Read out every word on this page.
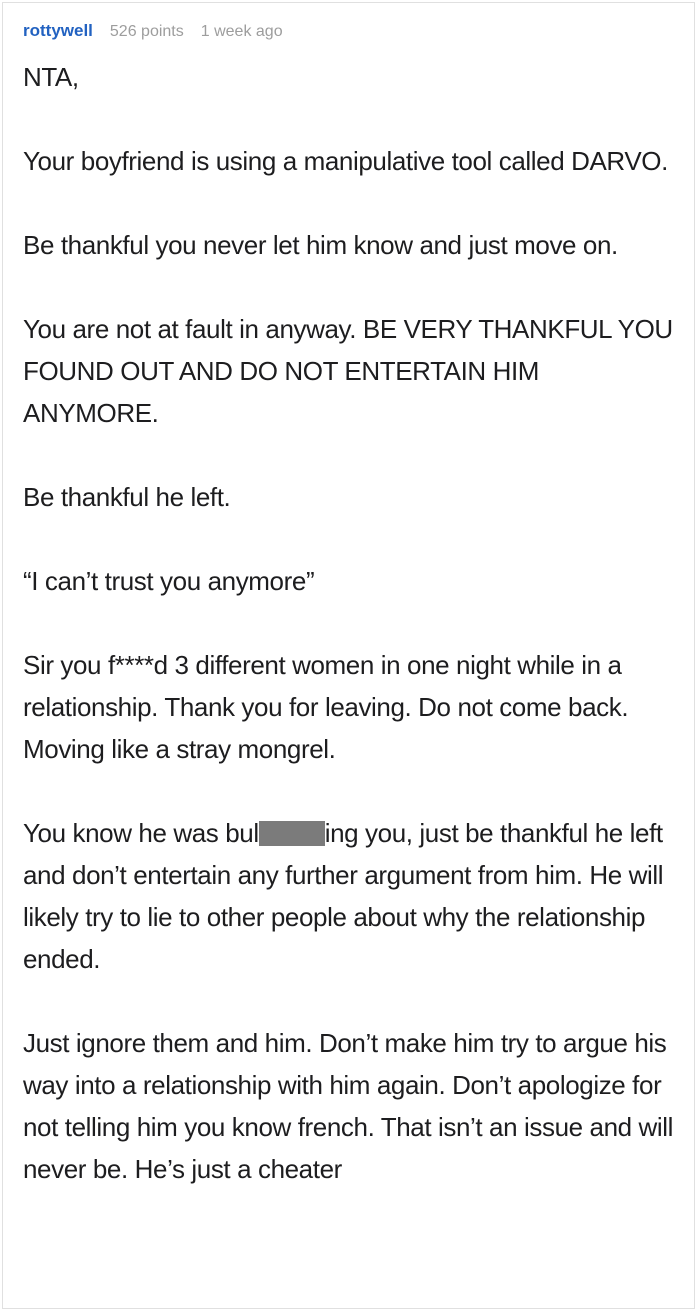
rottywell 526 points 1 week ago

NTA,

Your boyfriend is using a manipulative tool called DARVO.

Be thankful you never let him know and just move on.

You are not at fault in anyway. BE VERY THANKFUL YOU FOUND OUT AND DO NOT ENTERTAIN HIM ANYMORE.

Be thankful he left.

“I can’t trust you anymore”

Sir you f****d 3 different women in one night while in a relationship. Thank you for leaving. Do not come back. Moving like a stray mongrel.

You know he was bul	ing you, just be thankful he left and don’t entertain any further argument from him. He will likely try to lie to other people about why the relationship ended.

Just ignore them and him. Don’t make him try to argue his way into a relationship with him again. Don’t apologize for not telling him you know french. That isn’t an issue and will never be. He’s just a cheater
